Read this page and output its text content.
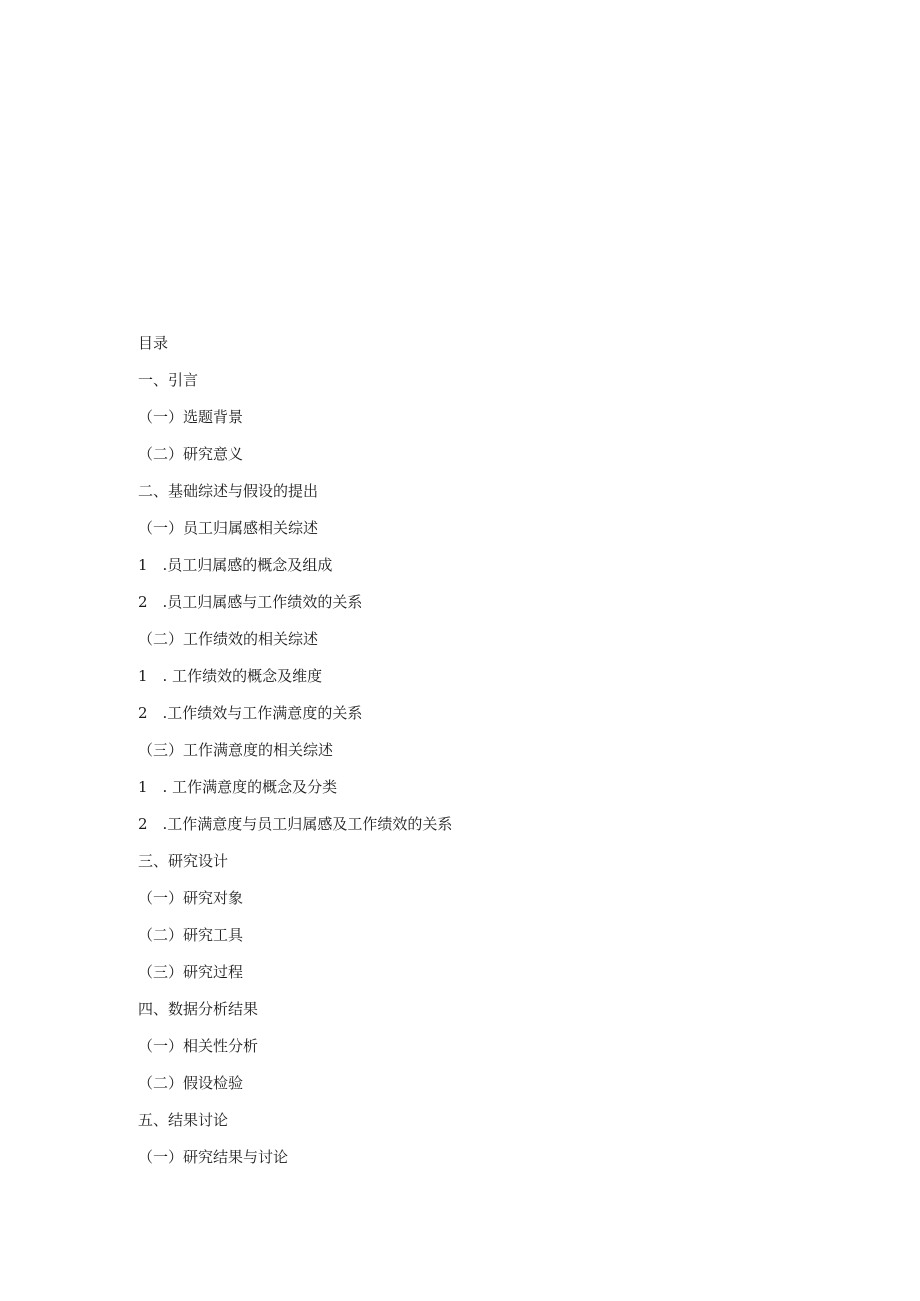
目录
一、引言
（一）选题背景
（二）研究意义
二、基础综述与假设的提出
（一）员工归属感相关综述
1　.员工归属感的概念及组成
2　.员工归属感与工作绩效的关系
（二）工作绩效的相关综述
1　. 工作绩效的概念及维度
2　.工作绩效与工作满意度的关系
（三）工作满意度的相关综述
1　. 工作满意度的概念及分类
2　.工作满意度与员工归属感及工作绩效的关系
三、研究设计
（一）研究对象
（二）研究工具
（三）研究过程
四、数据分析结果
（一）相关性分析
（二）假设检验
五、结果讨论
（一）研究结果与讨论
